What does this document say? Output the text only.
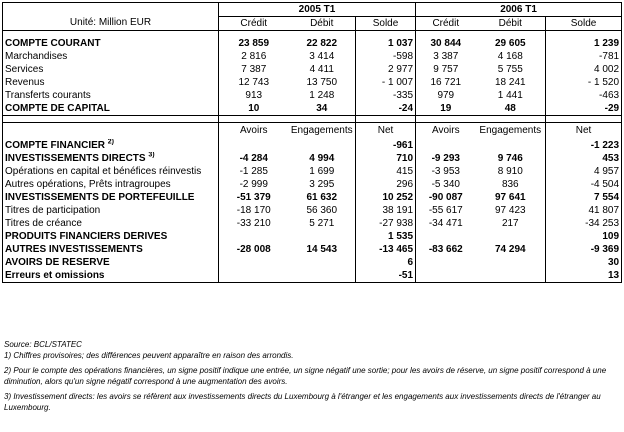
	2005 T1			2006 T1		
Unité: Million EUR	Crédit	Débit	Solde	Crédit	Débit	Solde

COMPTE COURANT	23 859	22 822	1 037	30 844	29 605	1 239
Marchandises	2 816	3 414	-598	3 387	4 168	-781
Services	7 387	4 411	2 977	9 757	5 755	4 002
Revenus	12 743	13 750	- 1 007	16 721	18 241	- 1 520
Transferts courants	913	1 248	-335	979	1 441	-463
COMPTE DE CAPITAL	10	34	-24	19	48	-29

	Avoirs	Engagements	Net	Avoirs	Engagements	Net
COMPTE FINANCIER $^{2)}$			-961			-1 223
INVESTISSEMENTS DIRECTS $^{3)}$	-4 284	4 994	710	-9 293	9 746	453
Opérations en capital et bénéfices réinvestis	-1 285	1 699	415	-3 953	8 910	4 957
Autres opérations, Prêts intragroupes	-2 999	3 295	296	-5 340	836	-4 504
INVESTISSEMENTS DE PORTEFEUILLE	-51 379	61 632	10 252	-90 087	97 641	7 554
Titres de participation	-18 170	56 360	38 191	-55 617	97 423	41 807
Titres de créance	-33 210	5 271	-27 938	-34 471	217	-34 253
PRODUITS FINANCIERS DERIVES			1 535			109
AUTRES INVESTISSEMENTS	-28 008	14 543	-13 465	-83 662	74 294	-9 369
AVOIRS DE RESERVE			6			30
Erreurs et omissions			-51			13

Source: BCL/STATEC

1) Chiffres provisoires; des différences peuvent apparaître en raison des arrondis.

2) Pour le compte des opérations financières, un signe positif indique une entrée, un signe négatif une sortie; pour les avoirs de réserve, un signe positif correspond à une diminution, alors qu'un signe négatif correspond à une augmentation des avoirs.

3) Investissement directs: les avoirs se réfèrent aux investissements directs du Luxembourg à l'étranger et les engagements aux investissements directs de l'étranger au Luxembourg.
